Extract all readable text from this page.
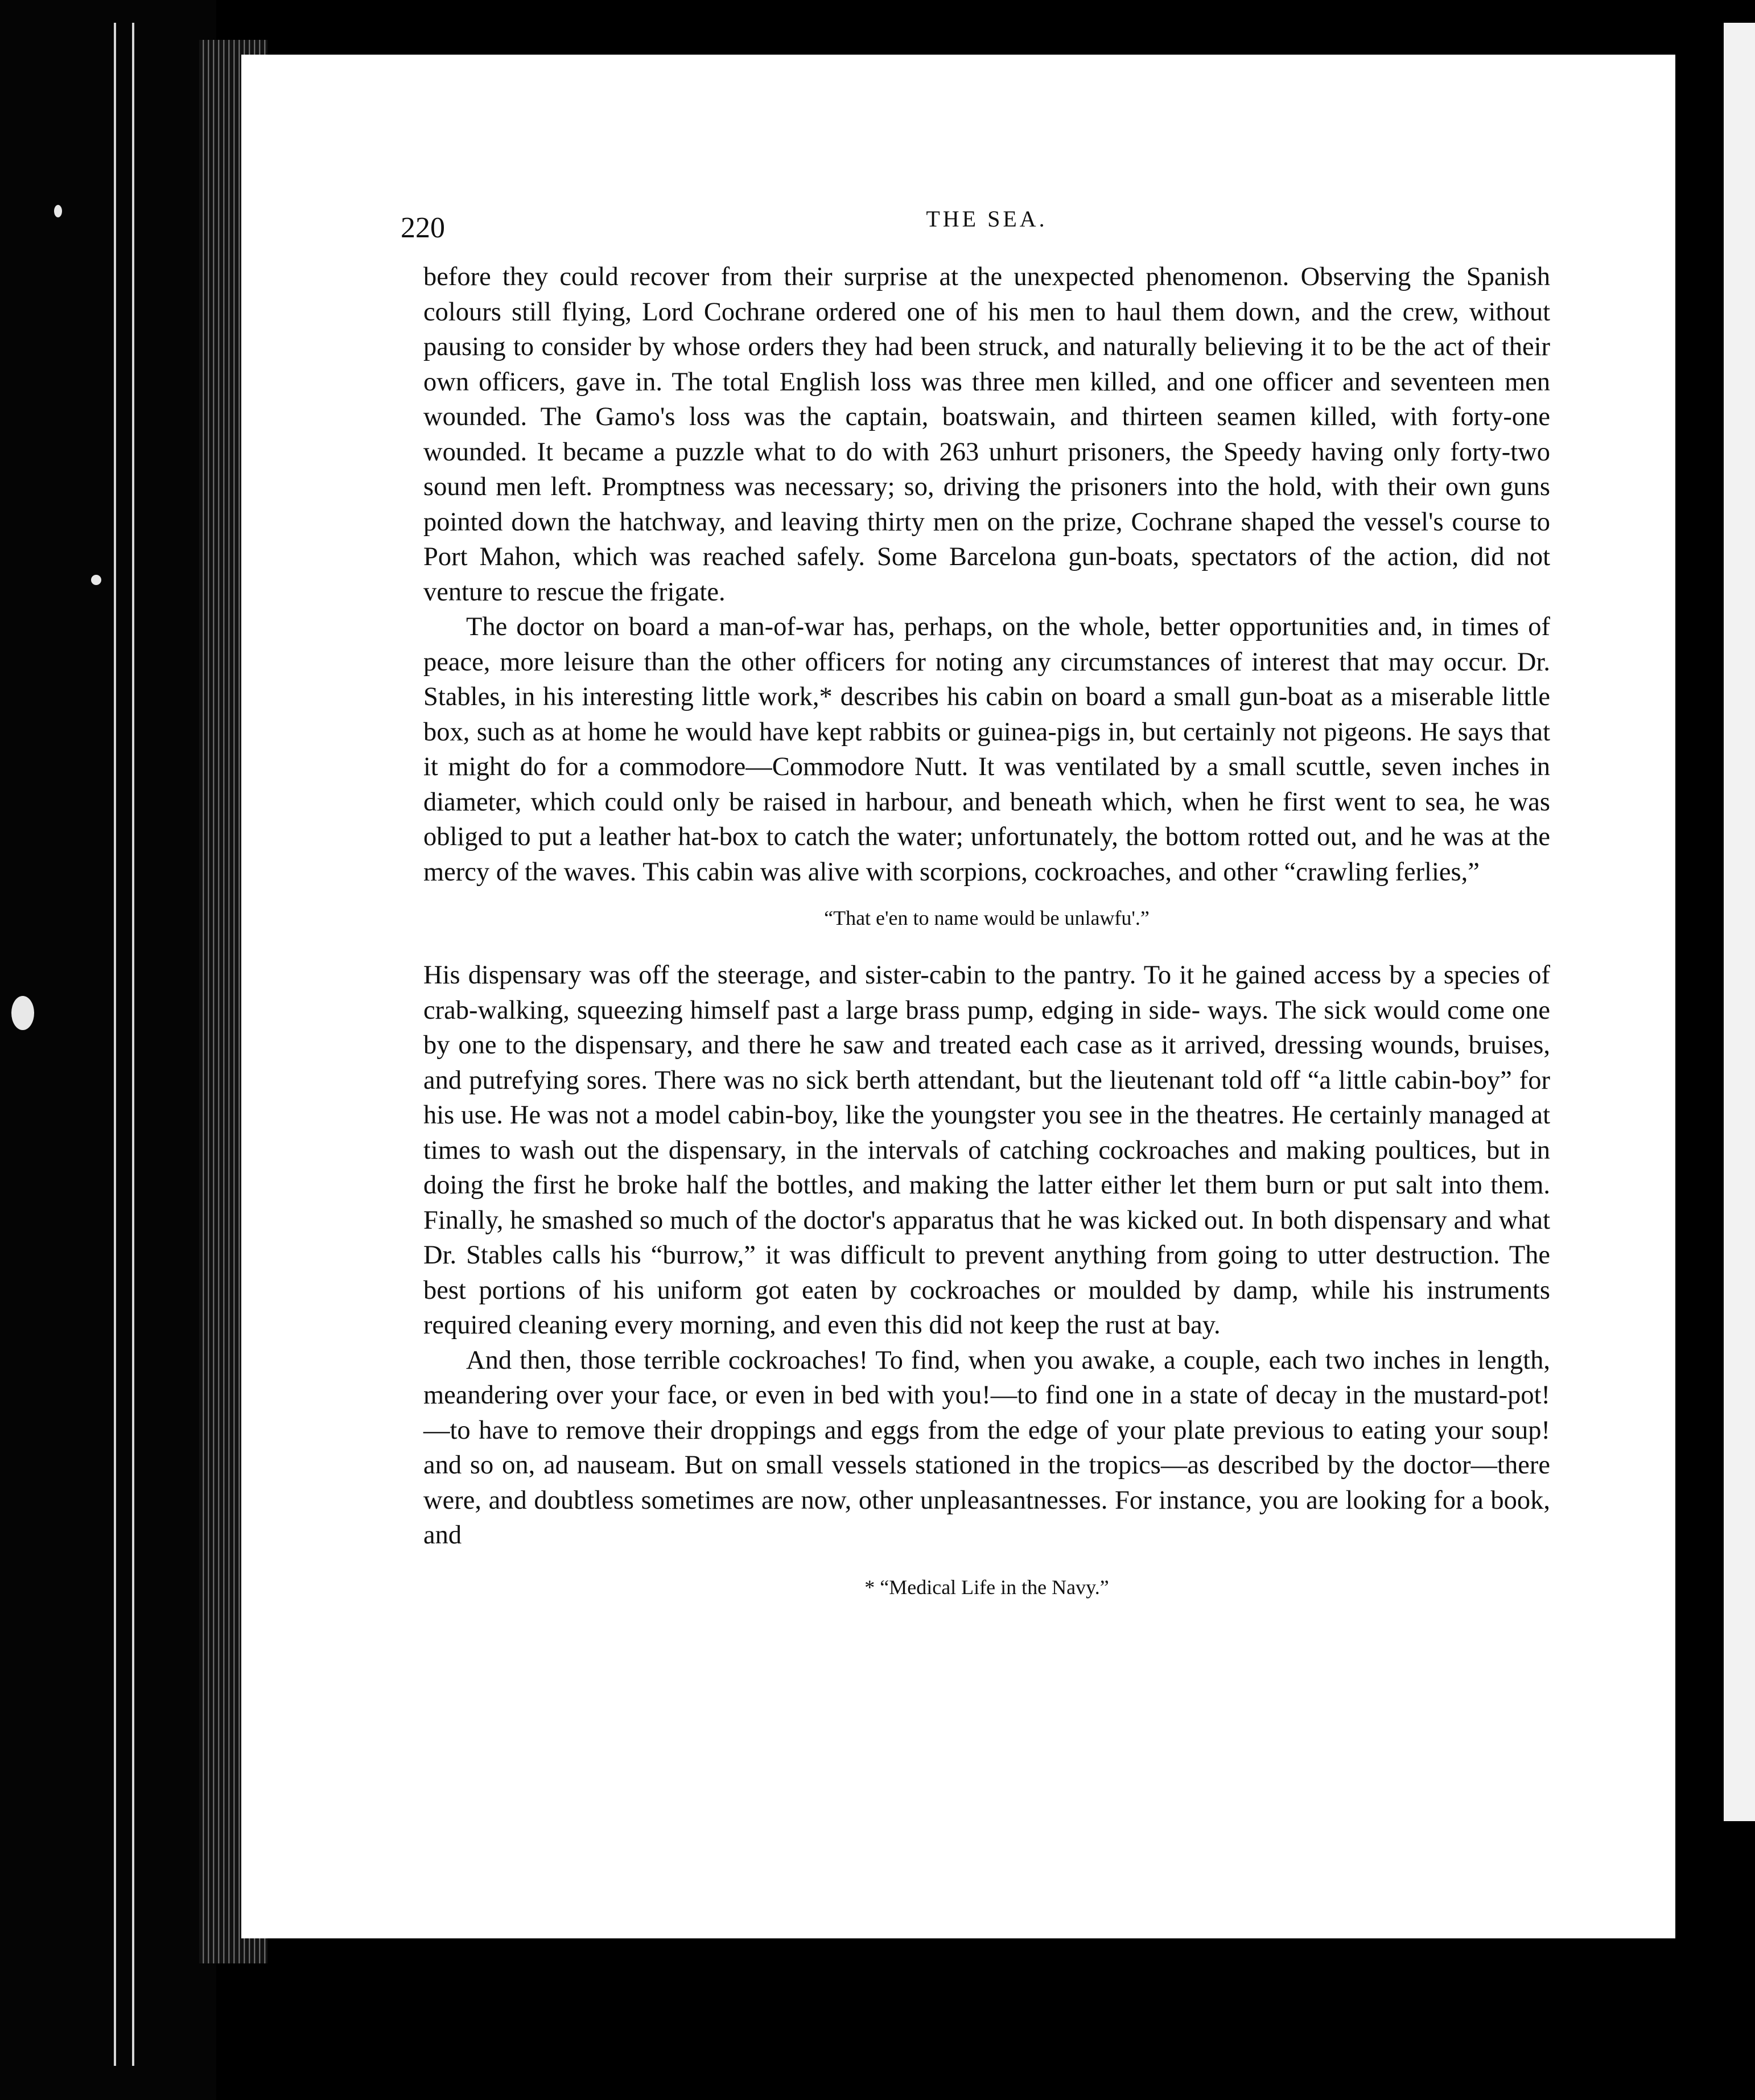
220	THE SEA.

before they could recover from their surprise at the unexpected phenomenon. Observing the Spanish colours still flying, Lord Cochrane ordered one of his men to haul them down, and the crew, without pausing to consider by whose orders they had been struck, and naturally believing it to be the act of their own officers, gave in. The total English loss was three men killed, and one officer and seventeen men wounded. The Gamo's loss was the captain, boatswain, and thirteen seamen killed, with forty-one wounded. It became a puzzle what to do with 263 unhurt prisoners, the Speedy having only forty-two sound men left. Promptness was necessary; so, driving the prisoners into the hold, with their own guns pointed down the hatchway, and leaving thirty men on the prize, Cochrane shaped the vessel's course to Port Mahon, which was reached safely. Some Barcelona gun-boats, spectators of the action, did not venture to rescue the frigate.

The doctor on board a man-of-war has, perhaps, on the whole, better opportunities and, in times of peace, more leisure than the other officers for noting any circumstances of interest that may occur. Dr. Stables, in his interesting little work,* describes his cabin on board a small gun-boat as a miserable little box, such as at home he would have kept rabbits or guinea-pigs in, but certainly not pigeons. He says that it might do for a commodore—Commodore Nutt. It was ventilated by a small scuttle, seven inches in diameter, which could only be raised in harbour, and beneath which, when he first went to sea, he was obliged to put a leather hat-box to catch the water; unfortunately, the bottom rotted out, and he was at the mercy of the waves. This cabin was alive with scorpions, cockroaches, and other “crawling ferlies,”

“That e'en to name would be unlawfu'.”

His dispensary was off the steerage, and sister-cabin to the pantry. To it he gained access by a species of crab-walking, squeezing himself past a large brass pump, edging in side- ways. The sick would come one by one to the dispensary, and there he saw and treated each case as it arrived, dressing wounds, bruises, and putrefying sores. There was no sick berth attendant, but the lieutenant told off “a little cabin-boy” for his use. He was not a model cabin-boy, like the youngster you see in the theatres. He certainly managed at times to wash out the dispensary, in the intervals of catching cockroaches and making poultices, but in doing the first he broke half the bottles, and making the latter either let them burn or put salt into them. Finally, he smashed so much of the doctor's apparatus that he was kicked out. In both dispensary and what Dr. Stables calls his “burrow,” it was difficult to prevent anything from going to utter destruction. The best portions of his uniform got eaten by cockroaches or moulded by damp, while his instruments required cleaning every morning, and even this did not keep the rust at bay.

And then, those terrible cockroaches! To find, when you awake, a couple, each two inches in length, meandering over your face, or even in bed with you!—to find one in a state of decay in the mustard-pot!—to have to remove their droppings and eggs from the edge of your plate previous to eating your soup! and so on, ad nauseam. But on small vessels stationed in the tropics—as described by the doctor—there were, and doubtless sometimes are now, other unpleasantnesses. For instance, you are looking for a book, and

* “Medical Life in the Navy.”
